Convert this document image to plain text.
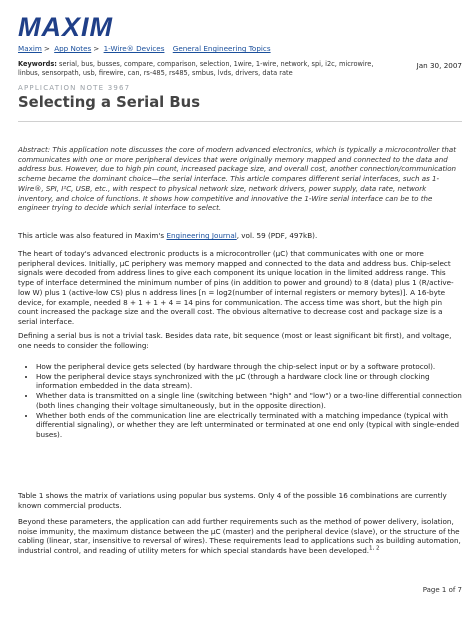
MAXIM
Maxim > App Notes > 1-Wire® Devices General Engineering Topics
Keywords: serial, bus, busses, compare, comparison, selection, 1wire, 1-wire, network, spi, i2c, microwire, linbus, sensorpath, usb, firewire, can, rs-485, rs485, smbus, lvds, drivers, data rate
Jan 30, 2007
APPLICATION NOTE 3967
Selecting a Serial Bus
Abstract: This application note discusses the core of modern advanced electronics, which is typically a microcontroller that communicates with one or more peripheral devices that were originally memory mapped and connected to the data and address bus. However, due to high pin count, increased package size, and overall cost, another connection/communication scheme became the dominant choice—the serial interface. This article compares different serial interfaces, such as 1-Wire®, SPI, I²C, USB, etc., with respect to physical network size, network drivers, power supply, data rate, network inventory, and choice of functions. It shows how competitive and innovative the 1-Wire serial interface can be to the engineer trying to decide which serial interface to select.
This article was also featured in Maxim's Engineering Journal, vol. 59 (PDF, 497kB).
The heart of today's advanced electronic products is a microcontroller (µC) that communicates with one or more peripheral devices. Initially, µC periphery was memory mapped and connected to the data and address bus. Chip-select signals were decoded from address lines to give each component its unique location in the limited address range. This type of interface determined the minimum number of pins (in addition to power and ground) to 8 (data) plus 1 (R/active-low W) plus 1 (active-low CS) plus n address lines [n = log2(number of internal registers or memory bytes)]. A 16-byte device, for example, needed 8 + 1 + 1 + 4 = 14 pins for communication. The access time was short, but the high pin count increased the package size and the overall cost. The obvious alternative to decrease cost and package size is a serial interface.
Defining a serial bus is not a trivial task. Besides data rate, bit sequence (most or least significant bit first), and voltage, one needs to consider the following:
• How the peripheral device gets selected (by hardware through the chip-select input or by a software protocol).
• How the peripheral device stays synchronized with the µC (through a hardware clock line or through clocking information embedded in the data stream).
• Whether data is transmitted on a single line (switching between "high" and "low") or a two-line differential connection (both lines changing their voltage simultaneously, but in the opposite direction).
• Whether both ends of the communication line are electrically terminated with a matching impedance (typical with differential signaling), or whether they are left unterminated or terminated at one end only (typical with single-ended buses).
Table 1 shows the matrix of variations using popular bus systems. Only 4 of the possible 16 combinations are currently known commercial products.
Beyond these parameters, the application can add further requirements such as the method of power delivery, isolation, noise immunity, the maximum distance between the µC (master) and the peripheral device (slave), or the structure of the cabling (linear, star, insensitive to reversal of wires). These requirements lead to applications such as building automation, industrial control, and reading of utility meters for which special standards have been developed.$^{1, 2}$
Page 1 of 7
